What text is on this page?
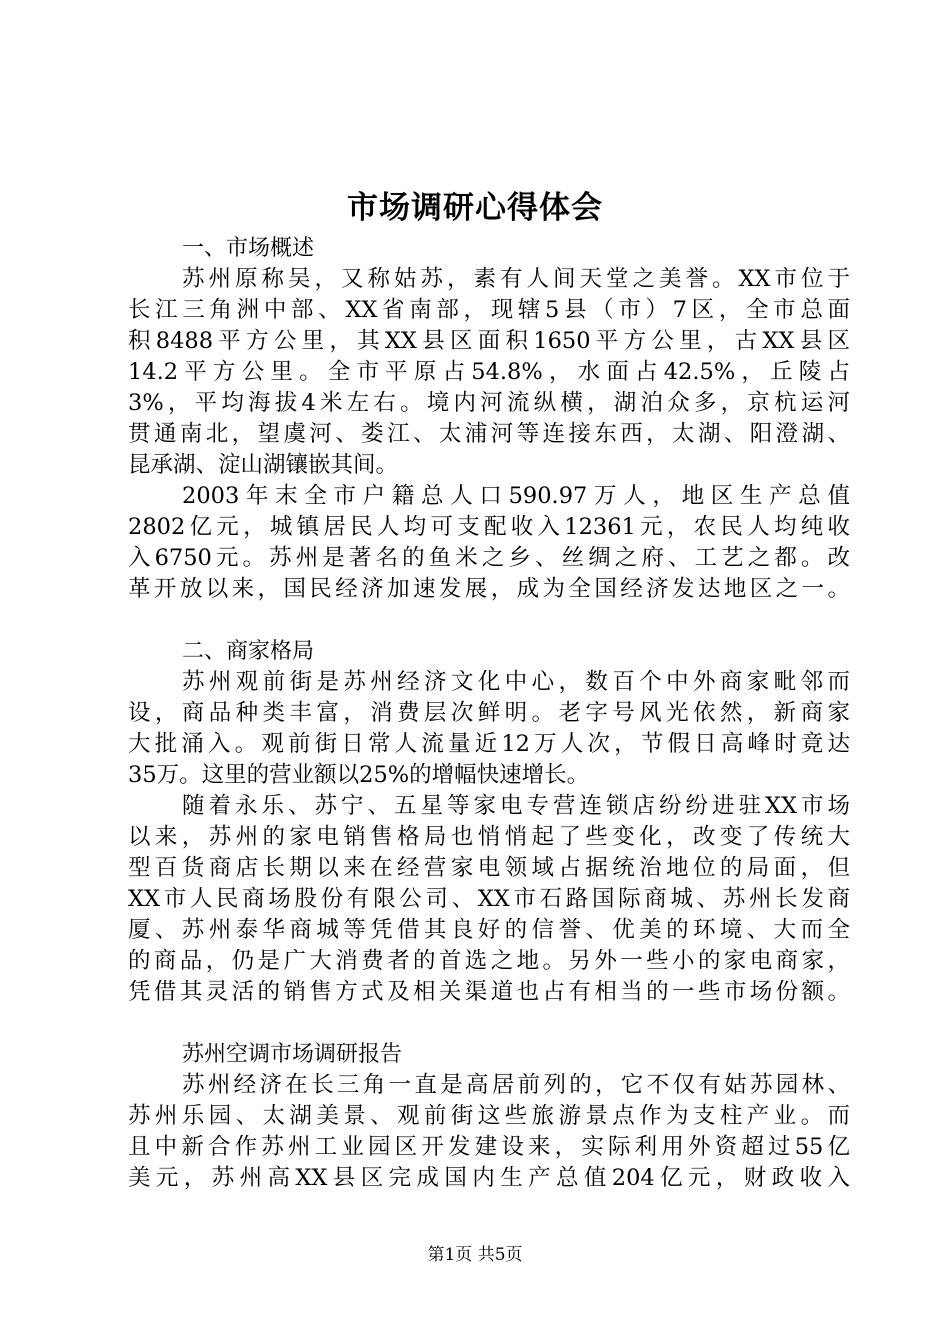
市场调研心得体会
一、市场概述
苏州原称吴，又称姑苏，素有人间天堂之美誉。XX市位于
长江三角洲中部、XX省南部，现辖5县（市）7区，全市总面
积8488平方公里，其XX县区面积1650平方公里，古XX县区
14.2平方公里。全市平原占54.8%，水面占42.5%，丘陵占
3%，平均海拔4米左右。境内河流纵横，湖泊众多，京杭运河
贯通南北，望虞河、娄江、太浦河等连接东西，太湖、阳澄湖、
昆承湖、淀山湖镶嵌其间。
2003年末全市户籍总人口590.97万人，地区生产总值
2802亿元，城镇居民人均可支配收入12361元，农民人均纯收
入6750元。苏州是著名的鱼米之乡、丝绸之府、工艺之都。改
革开放以来，国民经济加速发展，成为全国经济发达地区之一。
二、商家格局
苏州观前街是苏州经济文化中心，数百个中外商家毗邻而
设，商品种类丰富，消费层次鲜明。老字号风光依然，新商家
大批涌入。观前街日常人流量近12万人次，节假日高峰时竟达
35万。这里的营业额以25%的增幅快速增长。
随着永乐、苏宁、五星等家电专营连锁店纷纷进驻XX市场
以来，苏州的家电销售格局也悄悄起了些变化，改变了传统大
型百货商店长期以来在经营家电领域占据统治地位的局面，但
XX市人民商场股份有限公司、XX市石路国际商城、苏州长发商
厦、苏州泰华商城等凭借其良好的信誉、优美的环境、大而全
的商品，仍是广大消费者的首选之地。另外一些小的家电商家，
凭借其灵活的销售方式及相关渠道也占有相当的一些市场份额。
苏州空调市场调研报告
苏州经济在长三角一直是高居前列的，它不仅有姑苏园林、
苏州乐园、太湖美景、观前街这些旅游景点作为支柱产业。而
且中新合作苏州工业园区开发建设来，实际利用外资超过55亿
美元，苏州高XX县区完成国内生产总值204亿元，财政收入
第1页 共5页
